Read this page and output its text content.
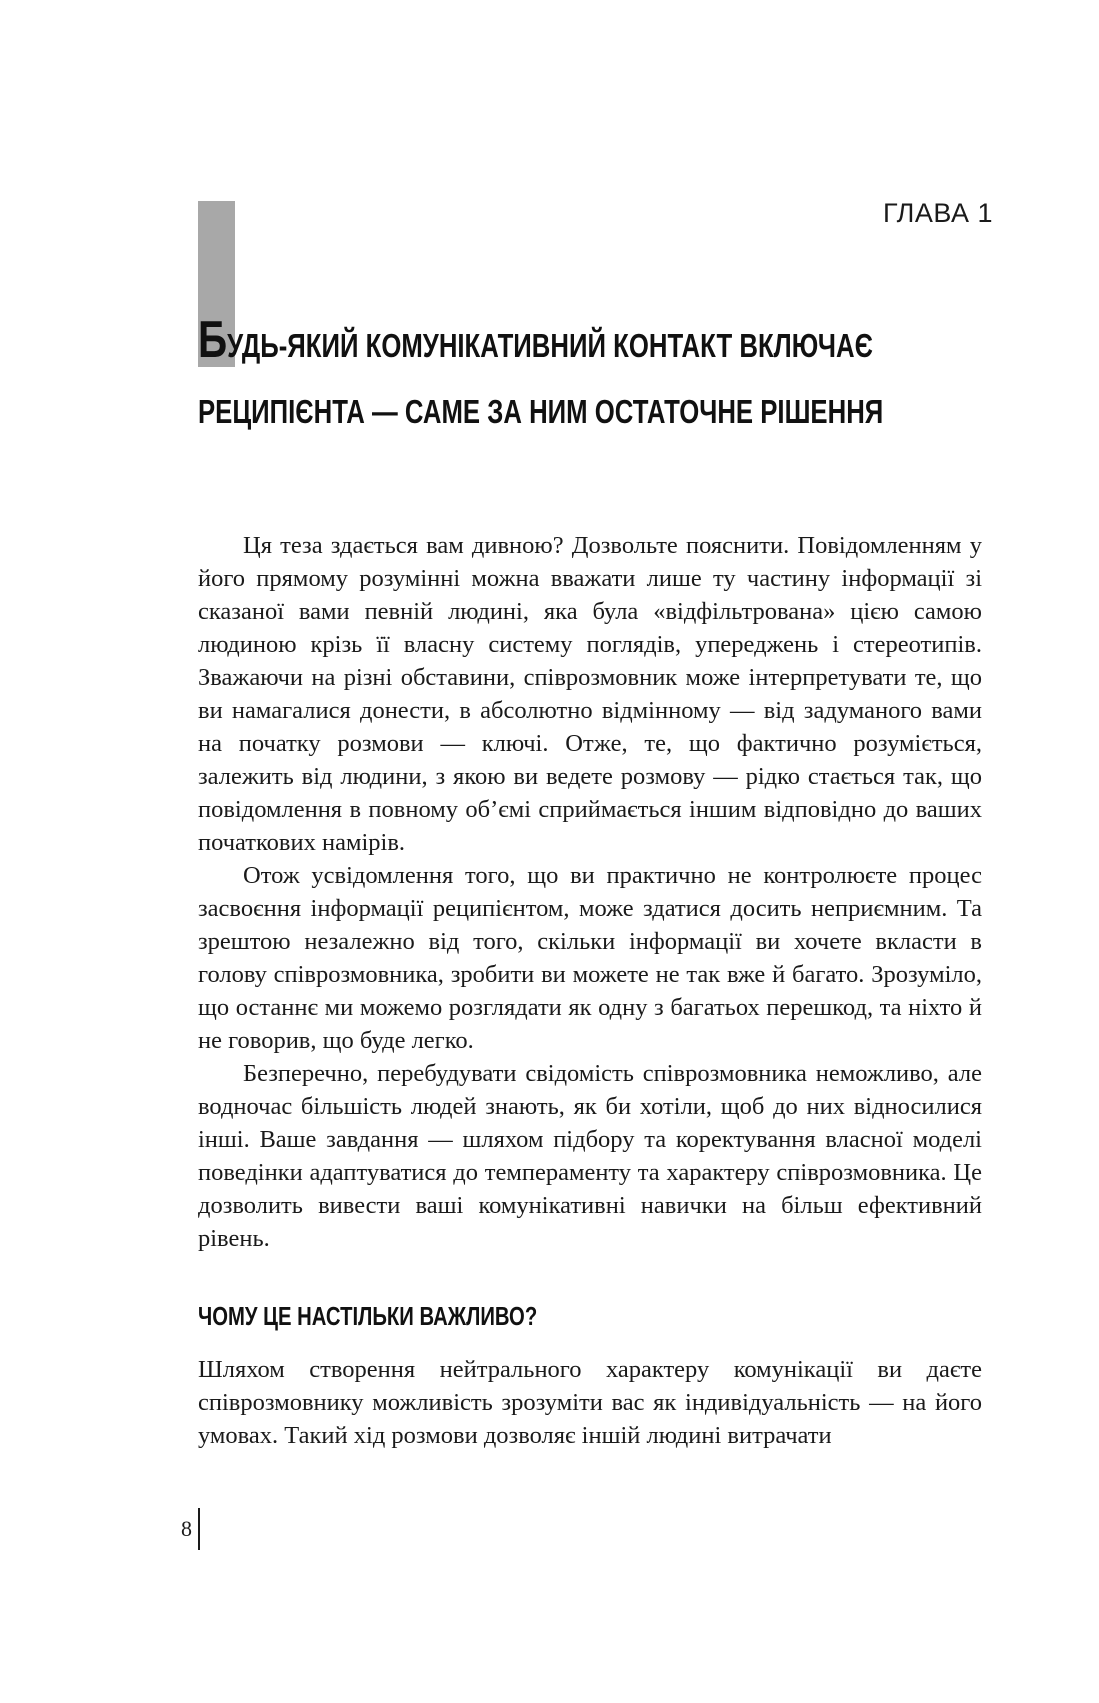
ГЛАВА 1
БУДЬ-ЯКИЙ КОМУНІКАТИВНИЙ КОНТАКТ ВКЛЮЧАЄ
РЕЦИПІЄНТА — САМЕ ЗА НИМ ОСТАТОЧНЕ РІШЕННЯ

Ця теза здається вам дивною? Дозвольте пояснити. Повідомленням у його прямому розумінні можна вважати лише ту частину інформації зі сказаної вами певній людині, яка була «відфільтрована» цією самою людиною крізь її власну систему поглядів, упереджень і стереотипів. Зважаючи на різні обставини, співрозмовник може інтерпретувати те, що ви намагалися донести, в абсолютно відмінному — від задуманого вами на початку розмови — ключі. Отже, те, що фактично розуміється, залежить від людини, з якою ви ведете розмову — рідко стається так, що повідомлення в повному об’ємі сприймається іншим відповідно до ваших початкових намірів.

Отож усвідомлення того, що ви практично не контролюєте процес засвоєння інформації реципієнтом, може здатися досить неприємним. Та зрештою незалежно від того, скільки інформації ви хочете вкласти в голову співрозмовника, зробити ви можете не так вже й багато. Зрозуміло, що останнє ми можемо розглядати як одну з багатьох перешкод, та ніхто й не говорив, що буде легко.

Безперечно, перебудувати свідомість співрозмовника неможливо, але водночас більшість людей знають, як би хотіли, щоб до них відносилися інші. Ваше завдання — шляхом підбору та коректування власної моделі поведінки адаптуватися до темпераменту та характеру співрозмовника. Це дозволить вивести ваші комунікативні навички на більш ефективний рівень.

ЧОМУ ЦЕ НАСТІЛЬКИ ВАЖЛИВО?

Шляхом створення нейтрального характеру комунікації ви даєте співрозмовнику можливість зрозуміти вас як індивідуальність — на його умовах. Такий хід розмови дозволяє іншій людині витрачати

8
